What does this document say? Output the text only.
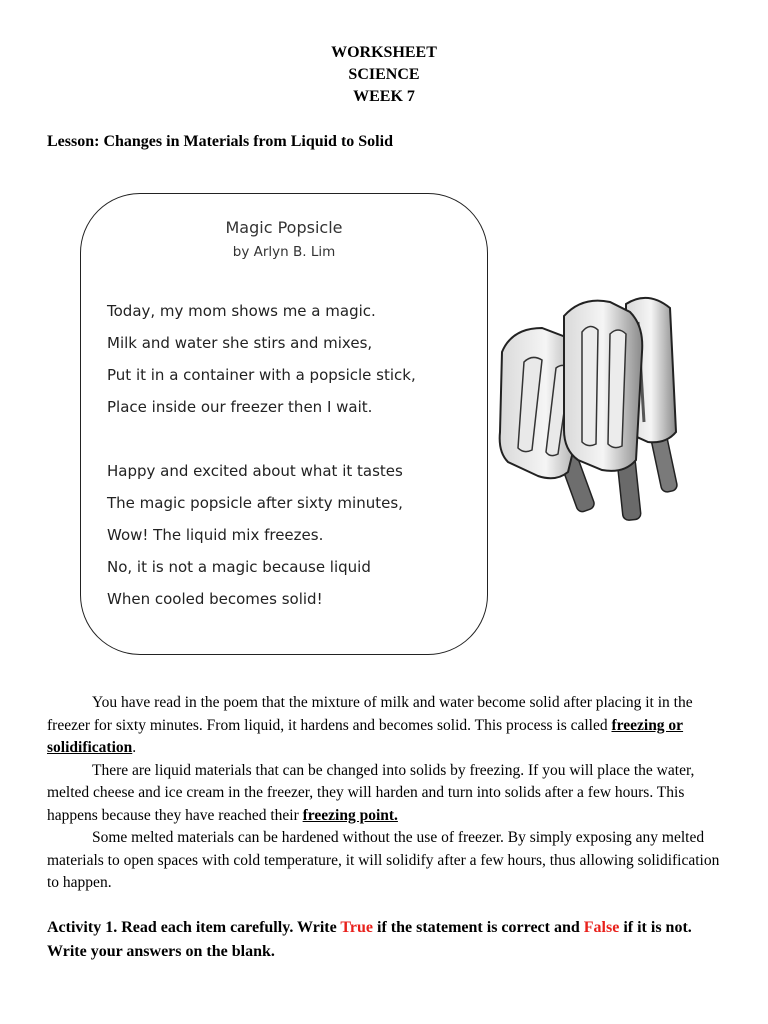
WORKSHEET
SCIENCE
WEEK 7
Lesson: Changes in Materials from Liquid to Solid
Magic Popsicle
by Arlyn B. Lim
Today, my mom shows me a magic.
Milk and water she stirs and mixes,
Put it in a container with a popsicle stick,
Place inside our freezer then I wait.
Happy and excited about what it tastes
The magic popsicle after sixty minutes,
Wow! The liquid mix freezes.
No, it is not a magic because liquid
When cooled becomes solid!

You have read in the poem that the mixture of milk and water become solid after placing it in the freezer for sixty minutes. From liquid, it hardens and becomes solid. This process is called freezing or solidification.

There are liquid materials that can be changed into solids by freezing. If you will place the water, melted cheese and ice cream in the freezer, they will harden and turn into solids after a few hours. This happens because they have reached their freezing point.

Some melted materials can be hardened without the use of freezer. By simply exposing any melted materials to open spaces with cold temperature, it will solidify after a few hours, thus allowing solidification to happen.

Activity 1. Read each item carefully. Write True if the statement is correct and False if it is not. Write your answers on the blank.
